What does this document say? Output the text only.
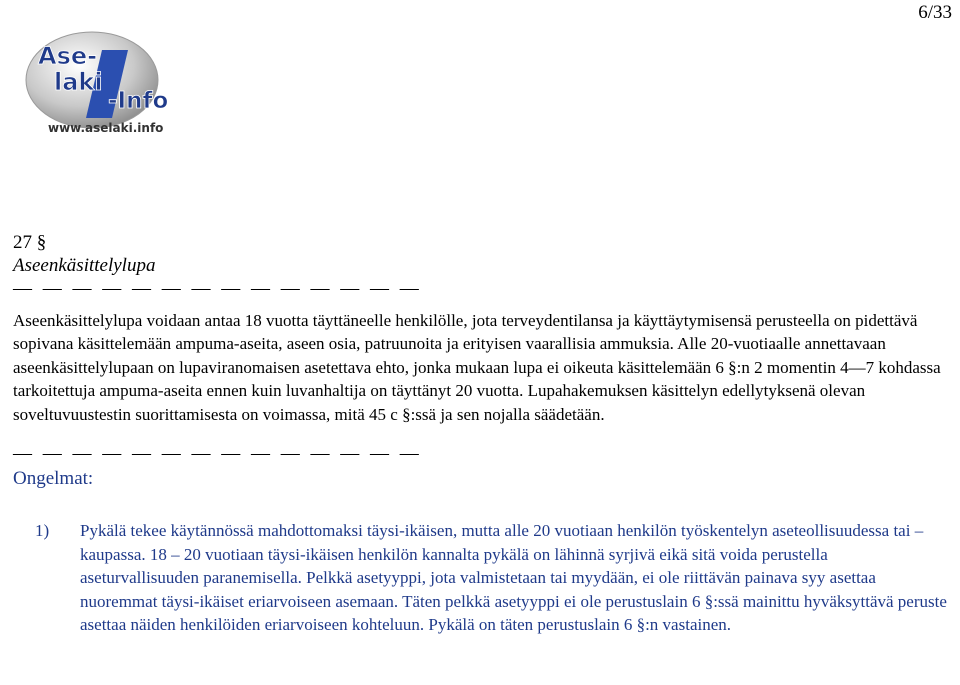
6/33
Ase-
laki
-Info
www.aselaki.info
27 §
Aseenkäsittelylupa
— — — — — — — — — — — — — —

Aseenkäsittelylupa voidaan antaa 18 vuotta täyttäneelle henkilölle, jota terveydentilansa ja käyttäytymisensä perusteella on pidettävä sopivana käsittelemään ampuma-aseita, aseen osia, patruunoita ja erityisen vaarallisia ammuksia. Alle 20-vuotiaalle annettavaan aseenkäsittelylupaan on lupaviranomaisen asetettava ehto, jonka mukaan lupa ei oikeuta käsittelemään 6 §:n 2 momentin 4—7 kohdassa tarkoitettuja ampuma-aseita ennen kuin luvanhaltija on täyttänyt 20 vuotta. Lupahakemuksen käsittelyn edellytyksenä olevan soveltuvuustestin suorittamisesta on voimassa, mitä 45 c §:ssä ja sen nojalla säädetään.

— — — — — — — — — — — — — —
Ongelmat:
1) Pykälä tekee käytännössä mahdottomaksi täysi-ikäisen, mutta alle 20 vuotiaan henkilön työskentelyn aseteollisuudessa tai –kaupassa. 18 – 20 vuotiaan täysi-ikäisen henkilön kannalta pykälä on lähinnä syrjivä eikä sitä voida perustella aseturvallisuuden paranemisella. Pelkkä asetyyppi, jota valmistetaan tai myydään, ei ole riittävän painava syy asettaa nuoremmat täysi-ikäiset eriarvoiseen asemaan. Täten pelkkä asetyyppi ei ole perustuslain 6 §:ssä mainittu hyväksyttävä peruste asettaa näiden henkilöiden eriarvoiseen kohteluun. Pykälä on täten perustuslain 6 §:n vastainen.
